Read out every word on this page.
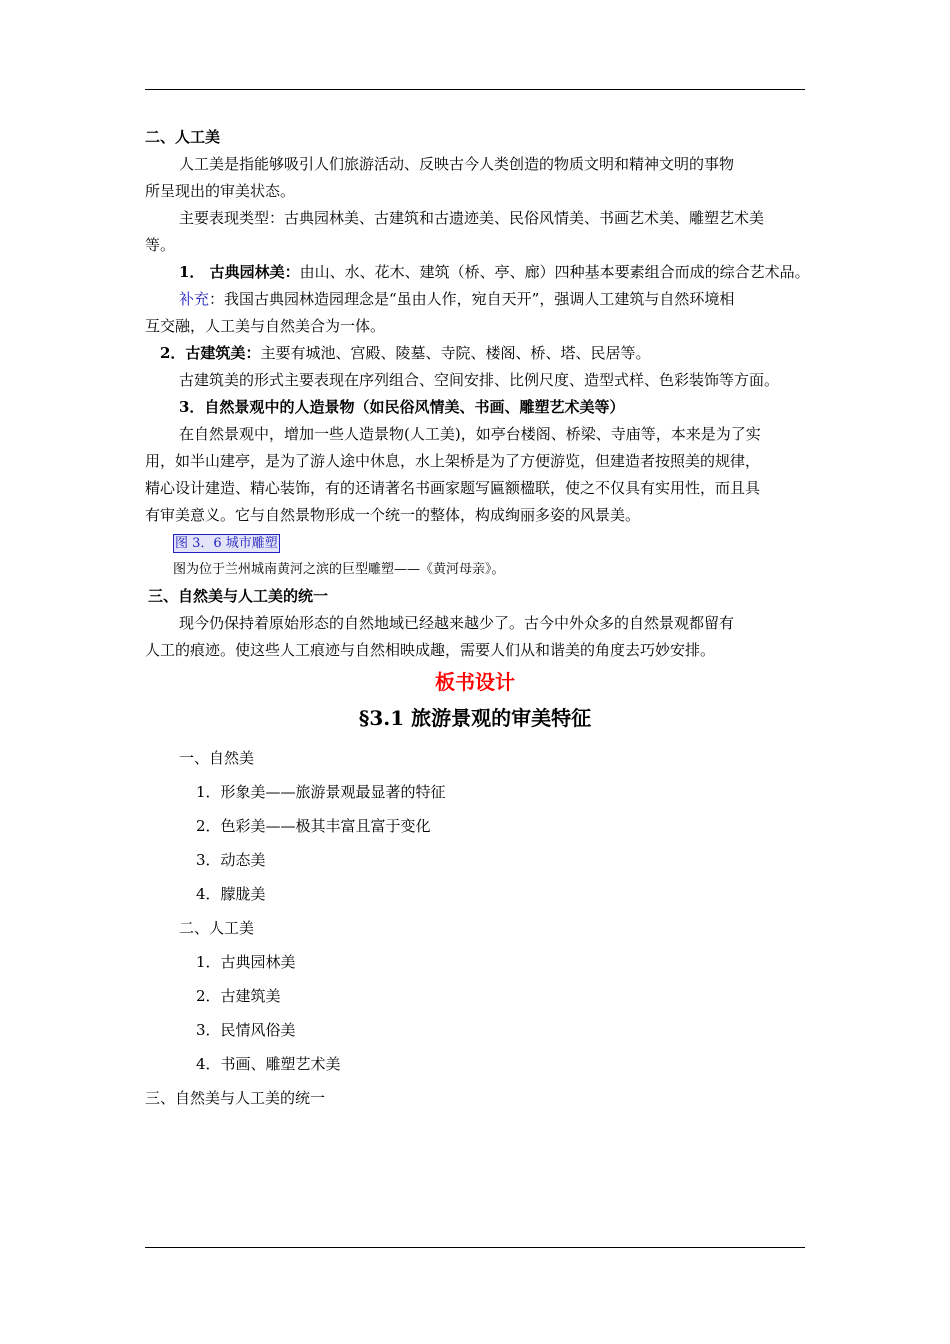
二、人工美
人工美是指能够吸引人们旅游活动、反映古今人类创造的物质文明和精神文明的事物
所呈现出的审美状态。
主要表现类型：古典园林美、古建筑和古遗迹美、民俗风情美、书画艺术美、雕塑艺术美
等。
1． 古典园林美：由山、水、花木、建筑（桥、亭、廊）四种基本要素组合而成的综合艺术品。
补充：我国古典园林造园理念是“虽由人作，宛自天开”，强调人工建筑与自然环境相
互交融，人工美与自然美合为一体。
2．古建筑美：主要有城池、宫殿、陵墓、寺院、楼阁、桥、塔、民居等。
古建筑美的形式主要表现在序列组合、空间安排、比例尺度、造型式样、色彩装饰等方面。
3．自然景观中的人造景物（如民俗风情美、书画、雕塑艺术美等）
在自然景观中，增加一些人造景物(人工美)，如亭台楼阁、桥梁、寺庙等，本来是为了实
用，如半山建亭，是为了游人途中休息，水上架桥是为了方便游览，但建造者按照美的规律，
精心设计建造、精心装饰，有的还请著名书画家题写匾额楹联，使之不仅具有实用性，而且具
有审美意义。它与自然景物形成一个统一的整体，构成绚丽多姿的风景美。
图 3．6 城市雕塑
图为位于兰州城南黄河之滨的巨型雕塑——《黄河母亲》。
三、自然美与人工美的统一
现今仍保持着原始形态的自然地域已经越来越少了。古今中外众多的自然景观都留有
人工的痕迹。使这些人工痕迹与自然相映成趣，需要人们从和谐美的角度去巧妙安排。
板书设计
§3.1 旅游景观的审美特征
一、自然美
1．形象美——旅游景观最显著的特征
2．色彩美——极其丰富且富于变化
3．动态美
4．朦胧美
二、人工美
1．古典园林美
2．古建筑美
3．民情风俗美
4．书画、雕塑艺术美
三、自然美与人工美的统一
